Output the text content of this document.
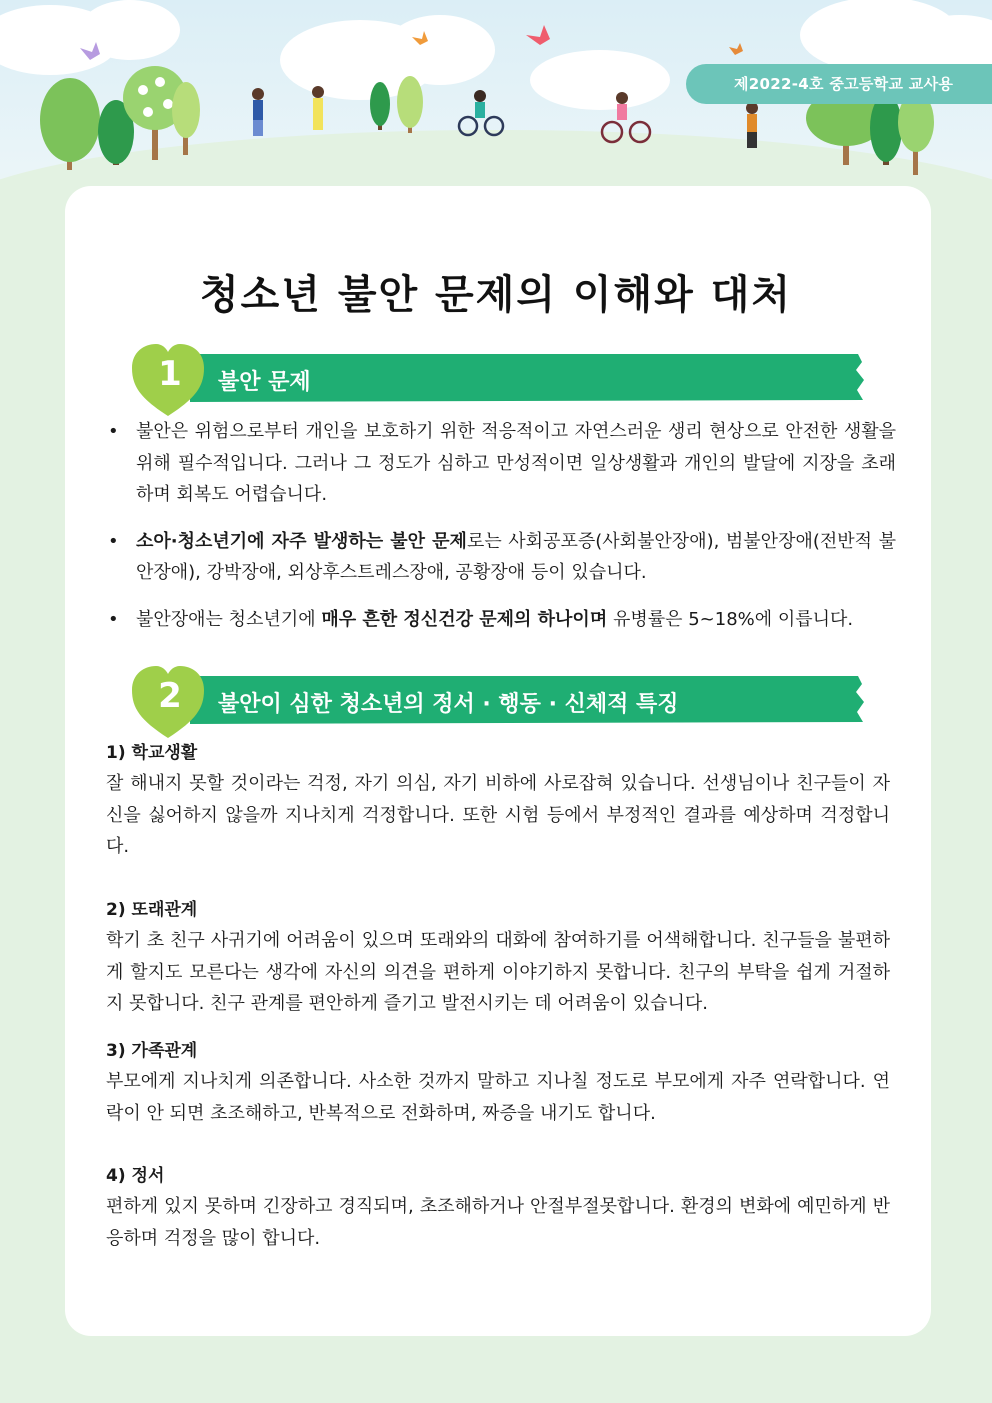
제2022-4호 중고등학교 교사용
청소년 불안 문제의 이해와 대처
1	불안 문제
• 불안은 위험으로부터 개인을 보호하기 위한 적응적이고 자연스러운 생리 현상으로 안전한 생활을 위해 필수적입니다. 그러나 그 정도가 심하고 만성적이면 일상생활과 개인의 발달에 지장을 초래하며 회복도 어렵습니다.
• 소아·청소년기에 자주 발생하는 불안 문제로는 사회공포증(사회불안장애), 범불안장애(전반적 불안장애), 강박장애, 외상후스트레스장애, 공황장애 등이 있습니다.
• 불안장애는 청소년기에 매우 흔한 정신건강 문제의 하나이며 유병률은 5~18%에 이릅니다.
2	불안이 심한 청소년의 정서 · 행동 · 신체적 특징
1) 학교생활

잘 해내지 못할 것이라는 걱정, 자기 의심, 자기 비하에 사로잡혀 있습니다. 선생님이나 친구들이 자신을 싫어하지 않을까 지나치게 걱정합니다. 또한 시험 등에서 부정적인 결과를 예상하며 걱정합니다.

2) 또래관계

학기 초 친구 사귀기에 어려움이 있으며 또래와의 대화에 참여하기를 어색해합니다. 친구들을 불편하게 할지도 모른다는 생각에 자신의 의견을 편하게 이야기하지 못합니다. 친구의 부탁을 쉽게 거절하지 못합니다. 친구 관계를 편안하게 즐기고 발전시키는 데 어려움이 있습니다.

3) 가족관계

부모에게 지나치게 의존합니다. 사소한 것까지 말하고 지나칠 정도로 부모에게 자주 연락합니다. 연락이 안 되면 초조해하고, 반복적으로 전화하며, 짜증을 내기도 합니다.

4) 정서

편하게 있지 못하며 긴장하고 경직되며, 초조해하거나 안절부절못합니다. 환경의 변화에 예민하게 반응하며 걱정을 많이 합니다.
